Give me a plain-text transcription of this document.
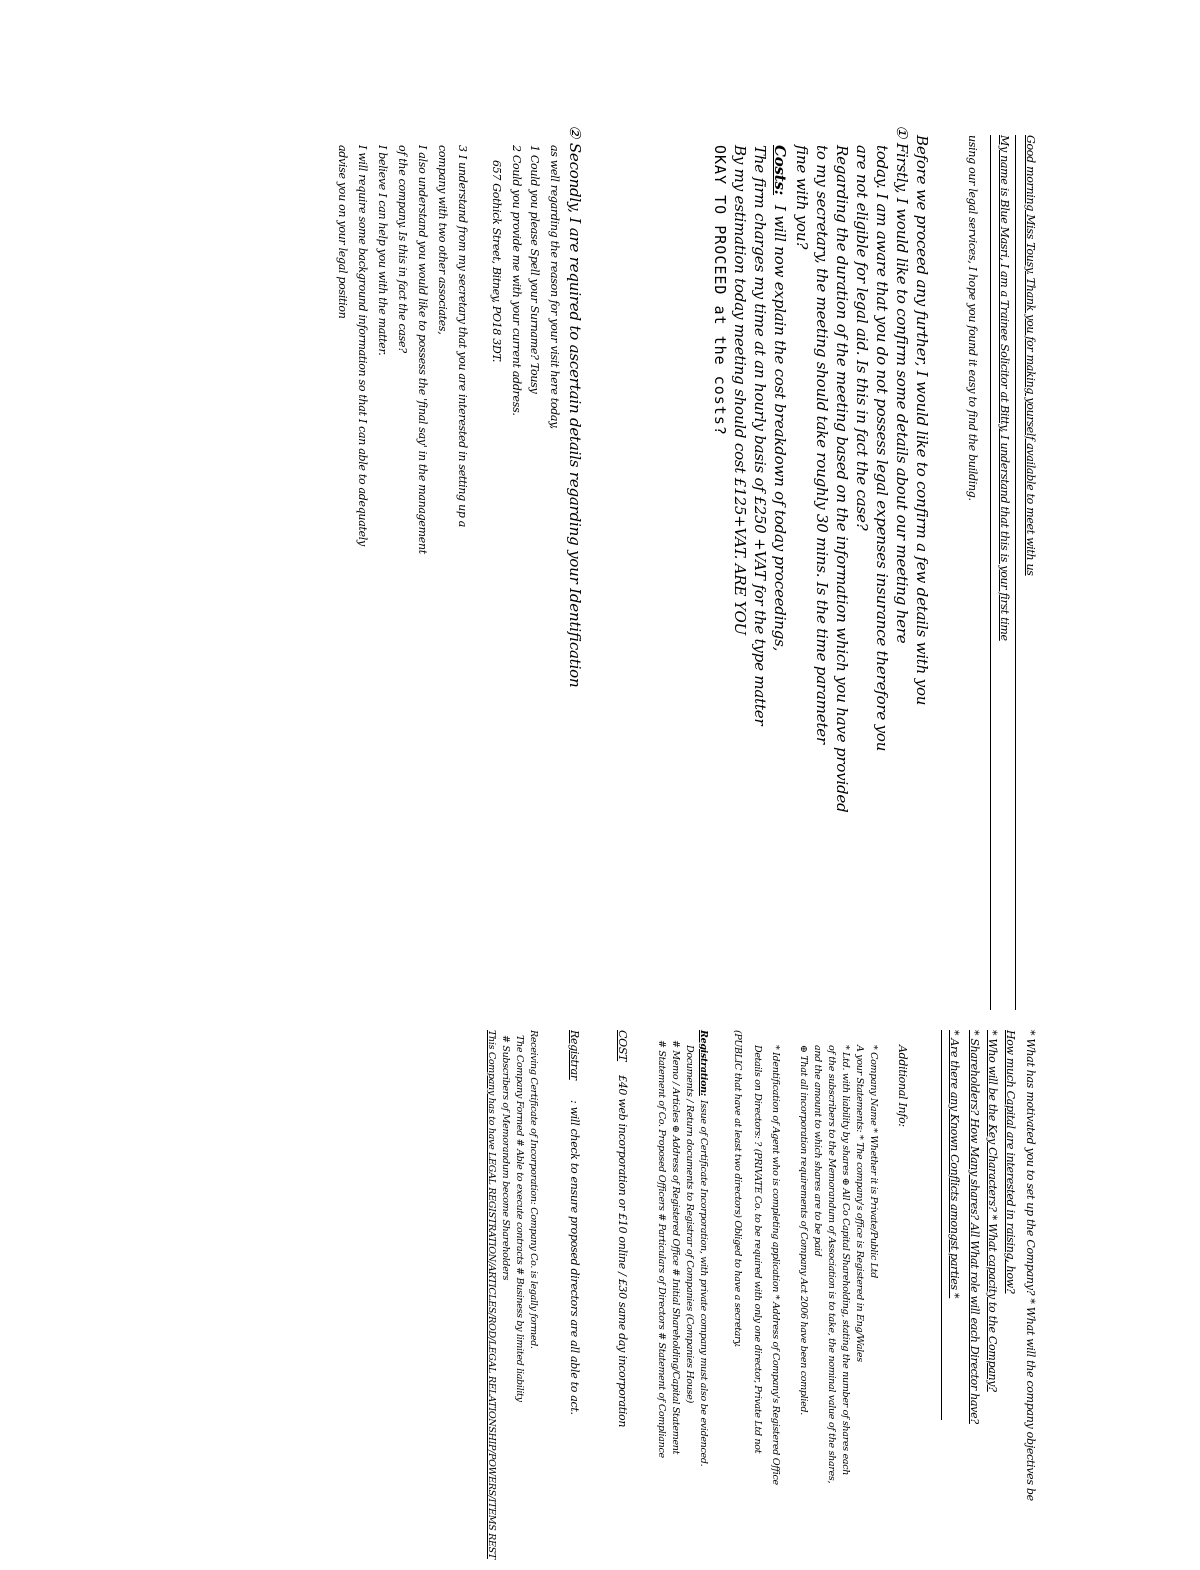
Good morning Miss Tousy. Thank you for making yourself available to meet with us
My name is Blue Masri, I am a Trainee Solicitor at Bitty, I understand that this is your first time
using our legal services, I hope you found it easy to find the building.
Before we proceed any further, I would like to confirm a few details with you
① Firstly, I would like to confirm some details about our meeting here
today. I am aware that you do not possess legal expenses insurance therefore you
are not eligible for legal aid. Is this in fact the case?
Regarding the duration of the meeting based on the information which you have provided
to my secretary, the meeting should take roughly 30 mins. Is the time parameter
fine with you?
Costs:
I will now explain the cost breakdown of today proceedings,
The firm charges my time at an hourly basis of £250 +VAT for the type matter
By my estimation today meeting should cost £125+VAT. ARE YOU
OKAY TO PROCEED at the costs?
② Secondly, I are required to ascertain details regarding your Identification
as well regarding the reason for your visit here today,
1 Could you please Spell your Surname? Tousy
2 Could you provide me with your current address.
657 Gothick Street, Bitney, PO18 3DT.
3 I understand from my secretary that you are interested in setting up a
company with two other associates,
I also understand you would like to possess the 'final say' in the management
of the company. Is this in fact the case?
I believe I can help you with the matter.
I will require some background information so that I can able to adequately
advise you on your legal position
* What has motivated you to set up the Company? * What will the company objectives be
How much Capital are interested in raising, how?
* Who will be the Key Characters? * What capacity to the Company?
* Shareholders? How Many shares? All What role will each Director have?
* Are there any Known Conflicts amongst parties *
Additional Info:
* Company Name * Whether it is Private/Public Ltd
A your Statements: * The company's office is Registered in Eng/Wales
* Ltd. with liability by shares ⊕ All Co Capital Shareholding, stating the number of shares each
of the subscribers to the Memorandum of Association is to take, the nominal value of the shares,
and the amount to which shares are to be paid
⊕ That all incorporation requirements of Company Act 2006 have been complied.
* Identification of Agent who is completing application * Address of Company's Registered Office
Details on Directors: ? (PRIVATE Co. to be required with only one director, Private Ltd not
(PUBLIC that have at least two directors) Obliged to have a secretary.
Registration:
Issue of Certificate Incorporation, with private company must also be evidenced.
Documents / Return documents to Registrar of Companies (Companies House)
# Memo / Articles ⊕ Address of Registered Office # Initial Shareholding/Capital Statement
# Statement of Co. Proposed Officers # Particulars of Directors # Statement of Compliance
COST
£40 web incorporation or £10 online / £30 same day incorporation
Registrar
: will check to ensure proposed directors are all able to act.
Receiving Certificate of Incorporation: Company Co. is legally formed.
The Company Formed # Able to execute contracts # Business by limited liability
# Subscribers of Memorandum become Shareholders
This Company has to have LEGAL REGISTRATION/ARTICLES/ROD/LEGAL RELATIONSHIP/POWERS/ITEMS REST
